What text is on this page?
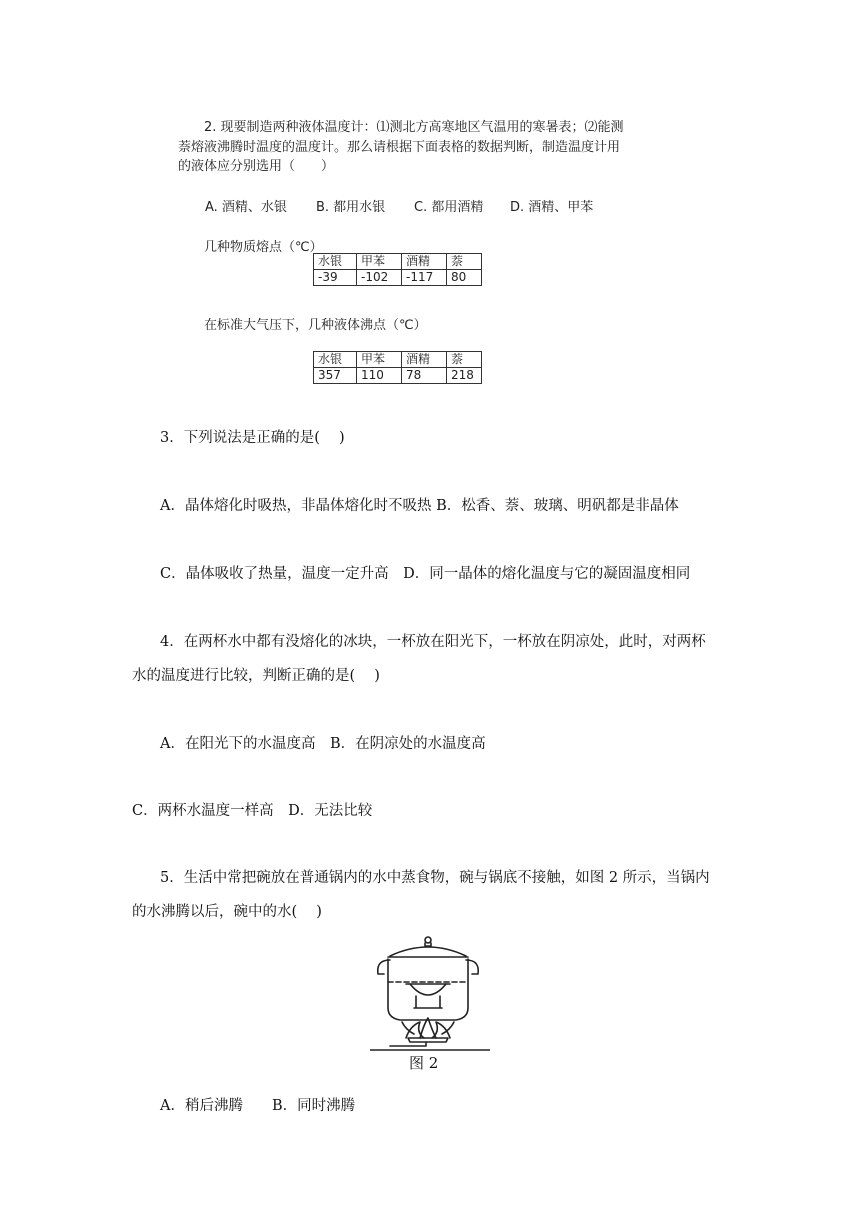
2. 现要制造两种液体温度计：⑴测北方高寒地区气温用的寒暑表；⑵能测
萘熔液沸腾时温度的温度计。那么请根据下面表格的数据判断，制造温度计用
的液体应分别选用（　　）
A. 酒精、水银 B. 都用水银 C. 都用酒精 D. 酒精、甲苯
几种物质熔点（℃）
水银	甲苯	酒精	萘
-39	-102	-117	80
在标准大气压下，几种液体沸点（℃）
水银	甲苯	酒精	萘
357	110	78	218
3．下列说法是正确的是(　 )
A．晶体熔化时吸热，非晶体熔化时不吸热 B．松香、萘、玻璃、明矾都是非晶体
C．晶体吸收了热量，温度一定升高　D．同一晶体的熔化温度与它的凝固温度相同
4．在两杯水中都有没熔化的冰块，一杯放在阳光下，一杯放在阴凉处，此时，对两杯
水的温度进行比较，判断正确的是(　 )
A．在阳光下的水温度高　B．在阴凉处的水温度高
C．两杯水温度一样高　D．无法比较
5．生活中常把碗放在普通锅内的水中蒸食物，碗与锅底不接触，如图 2 所示，当锅内
的水沸腾以后，碗中的水(　 )
图 2
A．稍后沸腾　　B．同时沸腾
